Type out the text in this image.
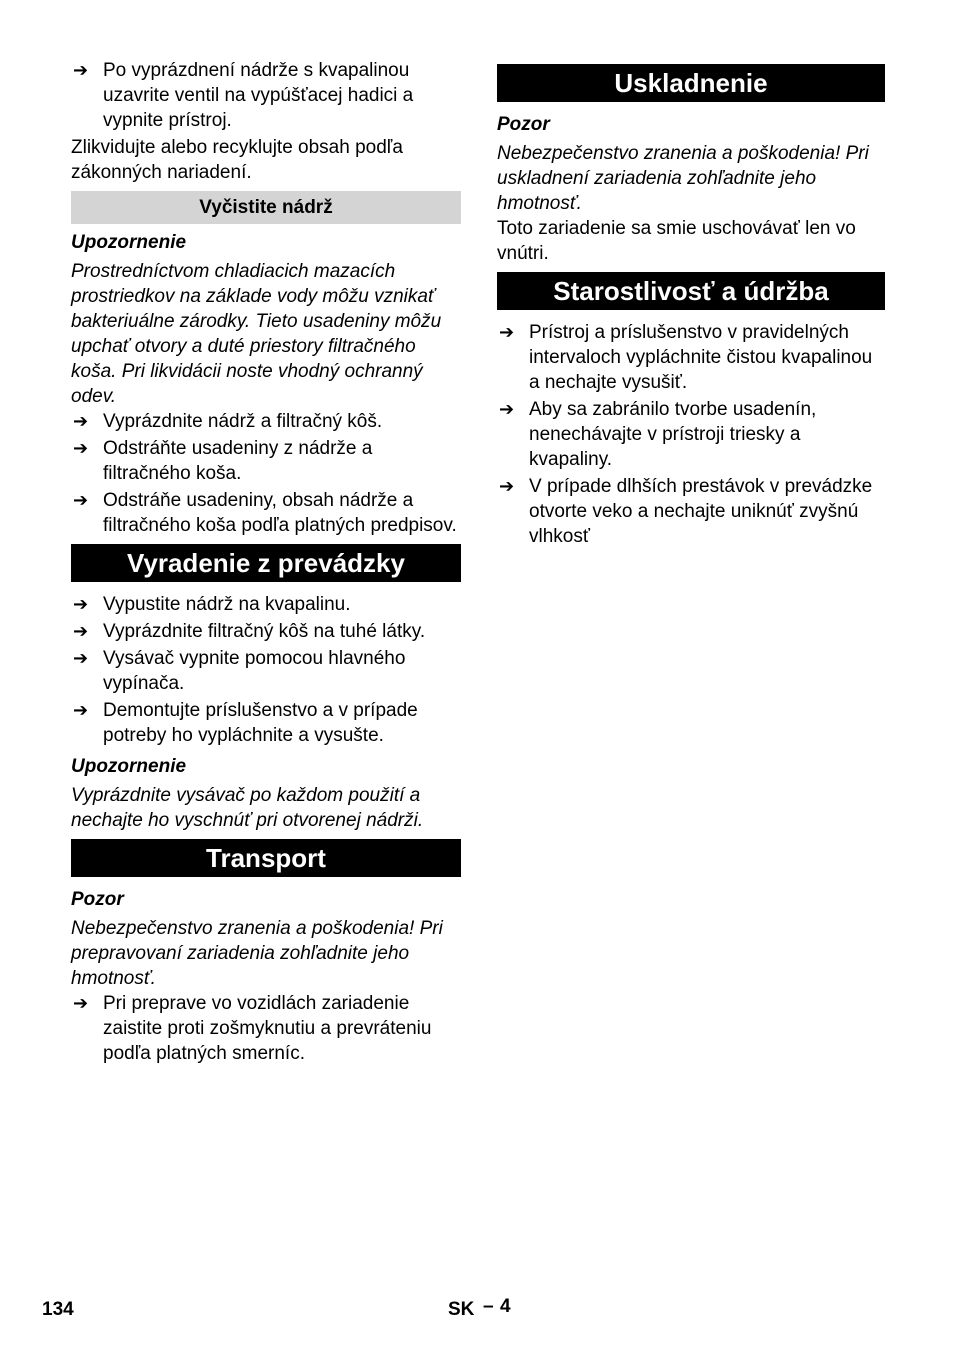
➔ Po vyprázdnení nádrže s kvapalinou uzavrite ventil na vypúšťacej hadici a vypnite prístroj.

Zlikvidujte alebo recyklujte obsah podľa zákonných nariadení.

Vyčistite nádrž
Upozornenie

Prostredníctvom chladiacich mazacích prostriedkov na základe vody môžu vznikať bakteriuálne zárodky. Tieto usadeniny môžu upchať otvory a duté priestory filtračného koša. Pri likvidácii noste vhodný ochranný odev.

➔ Vyprázdnite nádrž a filtračný kôš.
➔ Odstráňte usadeniny z nádrže a filtračného koša.
➔ Odstráňe usadeniny, obsah nádrže a filtračného koša podľa platných predpisov.
Vyradenie z prevádzky
➔ Vypustite nádrž na kvapalinu.
➔ Vyprázdnite filtračný kôš na tuhé látky.
➔ Vysávač vypnite pomocou hlavného vypínača.
➔ Demontujte príslušenstvo a v prípade potreby ho vypláchnite a vysušte.
Upozornenie

Vyprázdnite vysávač po každom použití a nechajte ho vyschnúť pri otvorenej nádrži.

Transport
Pozor

Nebezpečenstvo zranenia a poškodenia! Pri prepravovaní zariadenia zohľadnite jeho hmotnosť.

➔ Pri preprave vo vozidlách zariadenie zaistite proti zošmyknutiu a prevráteniu podľa platných smerníc.
Uskladnenie
Pozor

Nebezpečenstvo zranenia a poškodenia! Pri uskladnení zariadenia zohľadnite jeho hmotnosť.

Toto zariadenie sa smie uschovávať len vo vnútri.

Starostlivosť a údržba
➔ Prístroj a príslušenstvo v pravidelných intervaloch vypláchnite čistou kvapalinou a nechajte vysušiť.
➔ Aby sa zabránilo tvorbe usadenín, nenechávajte v prístroji triesky a kvapaliny.
➔ V prípade dlhších prestávok v prevádzke otvorte veko a nechajte uniknúť zvyšnú vlhkosť
134	SK – 4
